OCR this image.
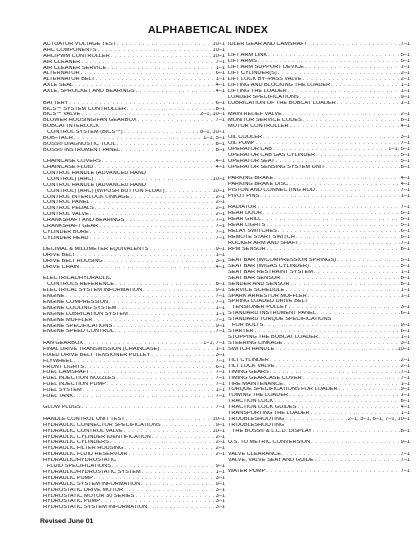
ALPHABETICAL INDEX
ACTUATOR VOLTAGE TEST . . .	10–1
AHC COMPONENTS . . .	10–1
AHC/PWM CONTROLLER . . .	10–1
AIR CLEANER . . .	7–1
AIR CLEANER SERVICE . . .	1–1
ALTERNATOR . . .	6–1
ALTERNATOR BELT . . .	1–1
AXLE SEAL . . .	4–1
AXLE, SPROCKET AND BEARINGS . . .	4–1
BATTERY . . .	6–1
BICS™ SYSTEM CONTROLLER . . .	8–1
BICS™ VALVE . . .	2–1, 10–1
BLOWER HOUSING/FAN GEARBOX . . .	7–1
BOBCAT INTERLOCK
CONTROL SYSTEM (BICS™) . . .	8–1, 10–1
BOB–TACH . . .	1–1, 5–1
BOSS® DIAGNOSTIC TOOL . . .	8–1
BOSS® INSTRUMENT PANEL . . .	8–1
CHAINCASE COVERS . . .	4–1
CHAINCASE FLUID . . .	4–1
CONTROL HANDLE (ADVANCED HAND
CONTROL) (AHC) . . .	10–1
CONTROL HANDLE (ADVANCED HAND
CONTROL) (AHC) (W/PUSH BUTTON FLOAT) . . .	10–1
CONTROL INTERLOCK LINKAGE . . .	2–1
CONTROL PANEL . . .	2–1
CONTROL PEDALS . . .	2–1
CONTROL VALVE . . .	2–1
CRANKSHAFT AND BEARINGS . . .	7–1
CRANKSHAFT GEAR . . .	7–1
CYLINDER BORE . . .	7–1
CYLINDER HEAD . . .	7–1
DECIMAL & MILLIMETER EQUIVALENTS . . .	9–1
DRIVE BELT . . .	1–1
DRIVE BELT HOUSING . . .	3–1
DRIVE CHAIN . . .	4–1
ELECTRICAL/HYDRAULIC
CONTROLS REFERENCE . . .	8–1
ELECTRICAL SYSTEM INFORMATION . . .	9–1
ENGINE . . .	7–1
ENGINE COMPRESSION . . .	7–1
ENGINE COOLING SYSTEM . . .	1–1
ENGINE LUBRICATION SYSTEM . . .	1–1
ENGINE MUFFLER . . .	7–1
ENGINE SPECIFICATIONS . . .	9–1
ENGINE SPEED CONTROL . . .	7–1
FAN GEARBOX . . .	1–1, 7–1
FINAL DRIVE TRANSMISSION (CHAINCASE) . . .	1–1
FIXED DRIVE BELT TENSIONER PULLEY . . .	3–1
FLYWHEEL . . .	7–1
FRONT LIGHTS . . .	6–1
FUEL CAMSHAFT . . .	7–1
FUEL INJECTION NOZZLES . . .	7–1
FUEL INJECTION PUMP . . .	7–1
FUEL SYSTEM . . .	1–1
FUEL TANK . . .	7–1
GLOW PLUGS . . .	7–1
HANDLE CONTROL UNIT TEST . . .	10–1
HYDRAULIC CONNECTOR SPECIFICATIONS . . .	9–1
HYDRAULIC CONTROL VALVE . . .	10–1
HYDRAULIC CYLINDER IDENTIFICATION . . .	2–1
HYDRAULIC CYLINDERS . . .	2–1
HYDRAULIC FILTER HOUSING . . .	2–1
HYDRAULIC FLUID RESERVOIR . . .	2–1
HYDRAULIC/HYDROSTATIC
FLUID SPECIFICATIONS . . .	9–1
HYDRAULIC/HYDROSTATIC SYSTEM . . .	1–1
HYDRAULIC PUMP . . .	3–1
HYDRAULIC SYSTEM INFORMATION . . .	9–1
HYDROSTATIC DRIVE MOTOR . . .	3–1
HYDROSTATIC MOTOR 30 SERIES . . .	3–1
HYDROSTATIC PUMP . . .	3–1
HYDROSTATIC SYSTEM INFORMATION . . .	3–1
IDLER GEAR AND CAMSHAFT . . .	7–1
LIFT ARM LINK . . .	5–1
LIFT ARMS . . .	5–1
LIFT ARM SUPPORT DEVICE . . .	1–1
LIFT CYLINDER(S) . . .	2–1
LIFT LOCK BY–PASS VALVE . . .	2–1
LIFTING AND BLOCKING THE LOADER . . .	1–1
LIFTING THE LOADER . . .	1–1
LOADER SPECIFICATIONS . . .	9–1
LUBRICATION OF THE BOBCAT LOADER . . .	1–1
MAIN RELIEF VALVE . . .	2–1
MONITOR SERVICE CODES . . .	8–1
MOTOR CONTROLLER . . .	4–1
OIL COOLER . . .	3–1
OIL PUMP . . .	7–1
OPERATOR CAB . . .	1–1, 5–1
OPERATOR CAB GAS CYLINDER . . .	5–1
OPERATOR SEAT . . .	5–1
OPERATOR SENSING SYSTEM UNIT . . .	8–1
PARKING BRAKE . . .	4–1
PARKING BRAKE DISC . . .	4–1
PISTON AND CONNECTING ROD . . .	7–1
PIVOT PINS . . .	1–1
RADIATOR . . .	7–1
REAR DOOR . . .	5–1
REAR GRILL . . .	5–1
REAR LIGHTS . . .	5–1
RELAY SWITCHES . . .	6–1
REMOTE START SWITCH . . .	6–1
ROCKER ARM AND SHAFT . . .	7–1
RPM SENSOR . . .	8–1
SEAT BAR (W/COMPRESSION SPRINGS) . . .	5–1
SEAT BAR (W/GAS CYLINDER) . . .	5–1
SEAT BAR RESTRAINT SYSTEM . . .	1–1
SEAT BAR SENSOR . . .	8–1
SENDER AND SENSOR . . .	8–1
SERVICE SCHEDULE . . .	1–1
SPARK ARRESTOR MUFFLER . . .	1–1
SPRING LOADED DRIVE BELT
TENSIONER PULLEY . . .	3–1
STANDARD INSTRUMENT PANEL . . .	6–1
STANDARD TORQUE SPECIFICATIONS
FOR BOLTS . . .	9–1
STARTER . . .	6–1
STOPPING THE BOBCAT LOADER . . .	1–1
STEERING LINKAGE . . .	3–1
SWITCH HANDLE . . .	10–1
TILT CYLINDER . . .	2–1
TILT LOCK VALVE . . .	2–1
TIMING GEARS . . .	7–1
TIMING GEARCASE COVER . . .	7–1
TIRE MAINTENANCE . . .	1–1
TORQUE SPECIFICATIONS FOR LOADER . . .	9–1
TOWING THE LOADER . . .	1–1
TRACTION LOCK . . .	8–1
TRACTION LOCK GUIDES . . .	4–1
TRANSPORTING THE LOADER . . .	1–1
TROUBLESHOOTING . . .	2–1, 3–1, 6–1, 7–1, 10–1
TROUBLESHOOTING
THE BOSS® & L.C.D. DISPLAY . . .	8–1
U.S. TO METRIC CONVERSION . . .	9–1
VALVE CLEARANCE . . .	7–1
VALVE, VALVE SEAT AND GUIDE . . .	7–1
WATER PUMP . . .	7–1
Revised June 01
